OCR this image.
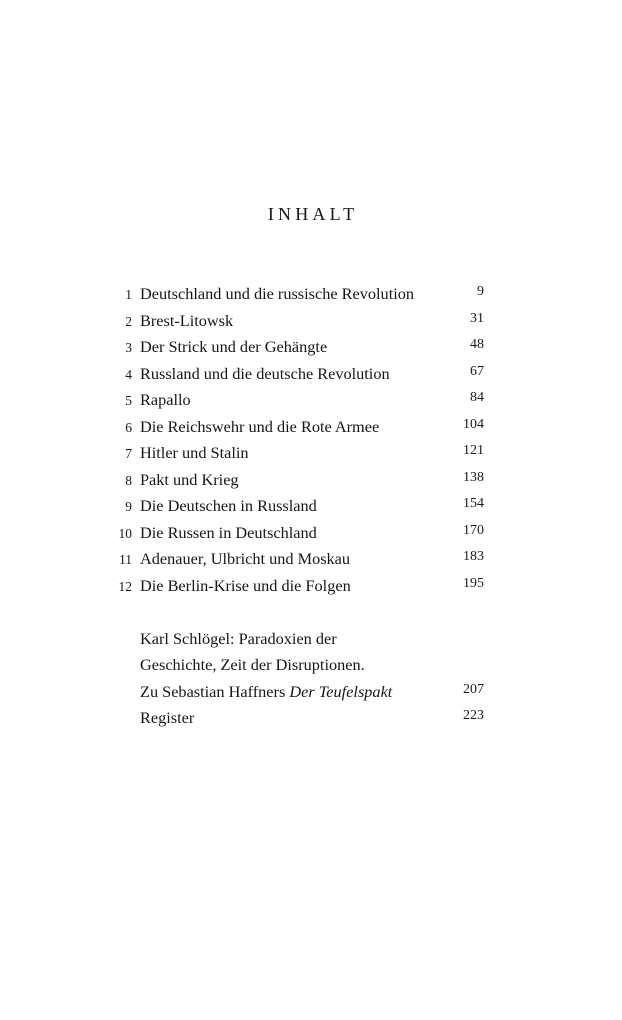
INHALT
1 Deutschland und die russische Revolution	9
2 Brest-Litowsk	31
3 Der Strick und der Gehängte	48
4 Russland und die deutsche Revolution	67
5 Rapallo	84
6 Die Reichswehr und die Rote Armee	104
7 Hitler und Stalin	121
8 Pakt und Krieg	138
9 Die Deutschen in Russland	154
10 Die Russen in Deutschland	170
11 Adenauer, Ulbricht und Moskau	183
12 Die Berlin-Krise und die Folgen	195
Karl Schlögel: Paradoxien der
Geschichte, Zeit der Disruptionen.
Zu Sebastian Haffners Der Teufelspakt	207
Register	223
